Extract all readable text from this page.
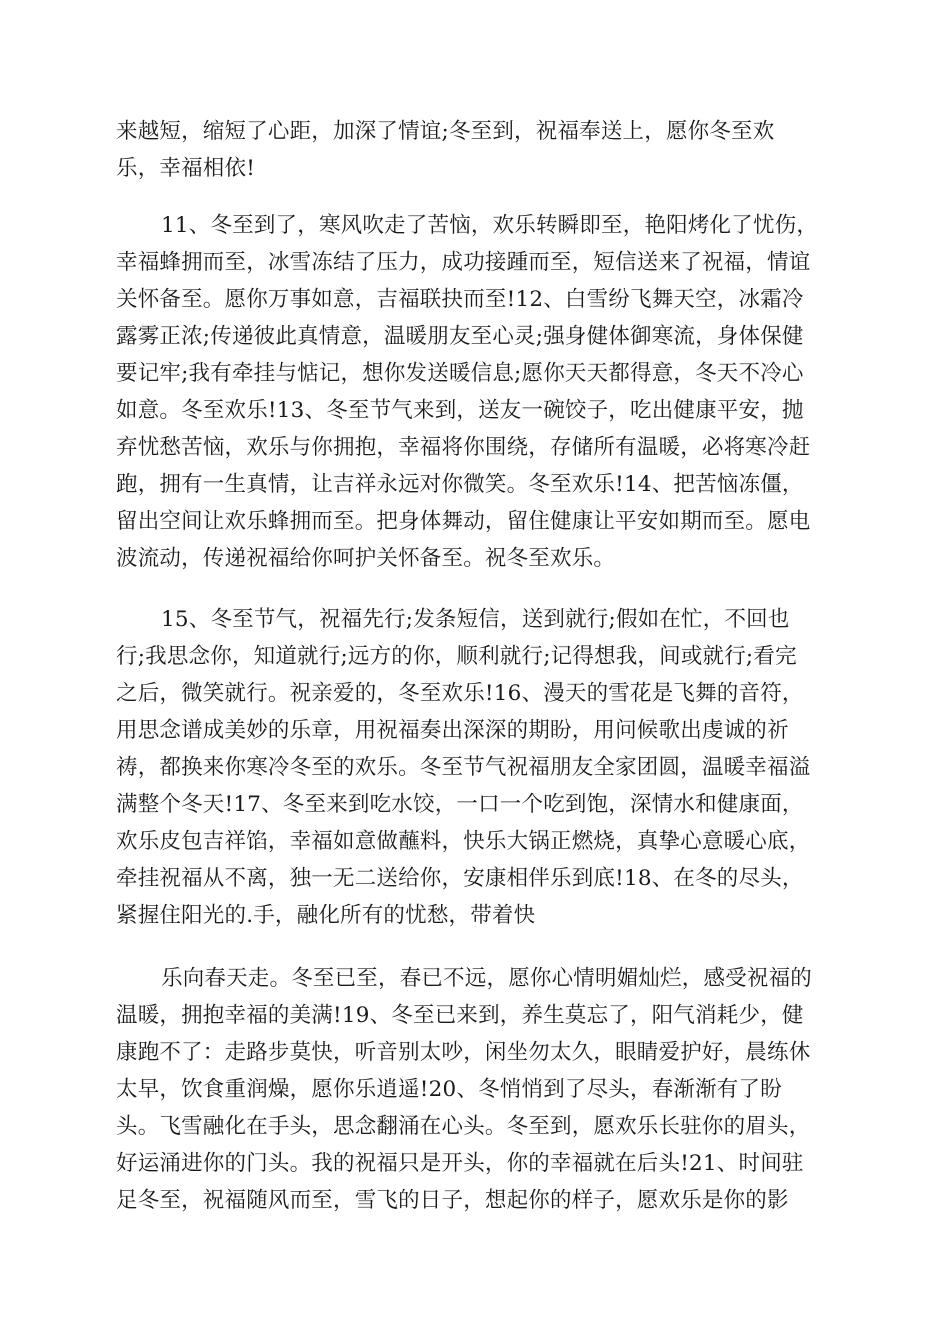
来越短，缩短了心距，加深了情谊;冬至到，祝福奉送上，愿你冬至欢
乐，幸福相依!
11、冬至到了，寒风吹走了苦恼，欢乐转瞬即至，艳阳烤化了忧伤，
幸福蜂拥而至，冰雪冻结了压力，成功接踵而至，短信送来了祝福，情谊
关怀备至。愿你万事如意，吉福联抉而至!12、白雪纷飞舞天空，冰霜冷
露雾正浓;传递彼此真情意，温暖朋友至心灵;强身健体御寒流，身体保健
要记牢;我有牵挂与惦记，想你发送暖信息;愿你天天都得意，冬天不冷心
如意。冬至欢乐!13、冬至节气来到，送友一碗饺子，吃出健康平安，抛
弃忧愁苦恼，欢乐与你拥抱，幸福将你围绕，存储所有温暖，必将寒冷赶
跑，拥有一生真情，让吉祥永远对你微笑。冬至欢乐!14、把苦恼冻僵，
留出空间让欢乐蜂拥而至。把身体舞动，留住健康让平安如期而至。愿电
波流动，传递祝福给你呵护关怀备至。祝冬至欢乐。
15、冬至节气，祝福先行;发条短信，送到就行;假如在忙，不回也
行;我思念你，知道就行;远方的你，顺利就行;记得想我，间或就行;看完
之后，微笑就行。祝亲爱的，冬至欢乐!16、漫天的雪花是飞舞的音符，
用思念谱成美妙的乐章，用祝福奏出深深的期盼，用问候歌出虔诚的祈
祷，都换来你寒冷冬至的欢乐。冬至节气祝福朋友全家团圆，温暖幸福溢
满整个冬天!17、冬至来到吃水饺，一口一个吃到饱，深情水和健康面，
欢乐皮包吉祥馅，幸福如意做蘸料，快乐大锅正燃烧，真挚心意暖心底，
牵挂祝福从不离，独一无二送给你，安康相伴乐到底!18、在冬的尽头，
紧握住阳光的.手，融化所有的忧愁，带着快
乐向春天走。冬至已至，春已不远，愿你心情明媚灿烂，感受祝福的
温暖，拥抱幸福的美满!19、冬至已来到，养生莫忘了，阳气消耗少，健
康跑不了：走路步莫快，听音别太吵，闲坐勿太久，眼睛爱护好，晨练休
太早，饮食重润燥，愿你乐逍遥!20、冬悄悄到了尽头，春渐渐有了盼
头。飞雪融化在手头，思念翻涌在心头。冬至到，愿欢乐长驻你的眉头，
好运涌进你的门头。我的祝福只是开头，你的幸福就在后头!21、时间驻
足冬至，祝福随风而至，雪飞的日子，想起你的样子，愿欢乐是你的影
